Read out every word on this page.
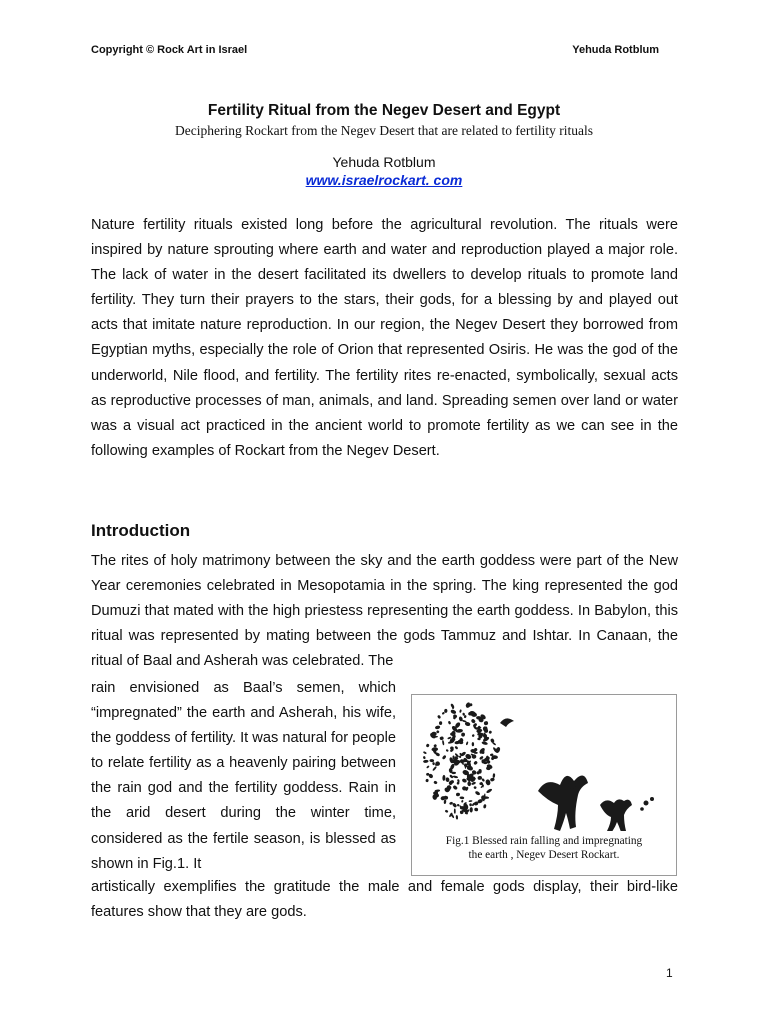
Copyright © Rock Art in Israel	Yehuda Rotblum
Fertility Ritual from the Negev Desert and Egypt
Deciphering Rockart from the Negev Desert that are related to fertility rituals
Yehuda Rotblum
www.israelrockart. com
Nature fertility rituals existed long before the agricultural revolution. The rituals were inspired by nature sprouting where earth and water and reproduction played a major role. The lack of water in the desert facilitated its dwellers to develop rituals to promote land fertility. They turn their prayers to the stars, their gods, for a blessing by and played out acts that imitate nature reproduction. In our region, the Negev Desert they borrowed from Egyptian myths, especially the role of Orion that represented Osiris. He was the god of the underworld, Nile flood, and fertility. The fertility rites re-enacted, symbolically, sexual acts as reproductive processes of man, animals, and land. Spreading semen over land or water was a visual act practiced in the ancient world to promote fertility as we can see in the following examples of Rockart from the Negev Desert.
Introduction
The rites of holy matrimony between the sky and the earth goddess were part of the New Year ceremonies celebrated in Mesopotamia in the spring. The king represented the god Dumuzi that mated with the high priestess representing the earth goddess. In Babylon, this ritual was represented by mating between the gods Tammuz and Ishtar. In Canaan, the ritual of Baal and Asherah was celebrated. The
rain envisioned as Baal’s semen, which “impregnated” the earth and Asherah, his wife, the goddess of fertility. It was natural for people to relate fertility as a heavenly pairing between the rain god and the fertility goddess. Rain in the arid desert during the winter time, considered as the fertile season, is blessed as shown in Fig.1. It
artistically exemplifies the gratitude the male and female gods display, their bird-like
features show that they are gods.
Fig.1 Blessed rain falling and impregnating
the earth , Negev Desert Rockart.
1
